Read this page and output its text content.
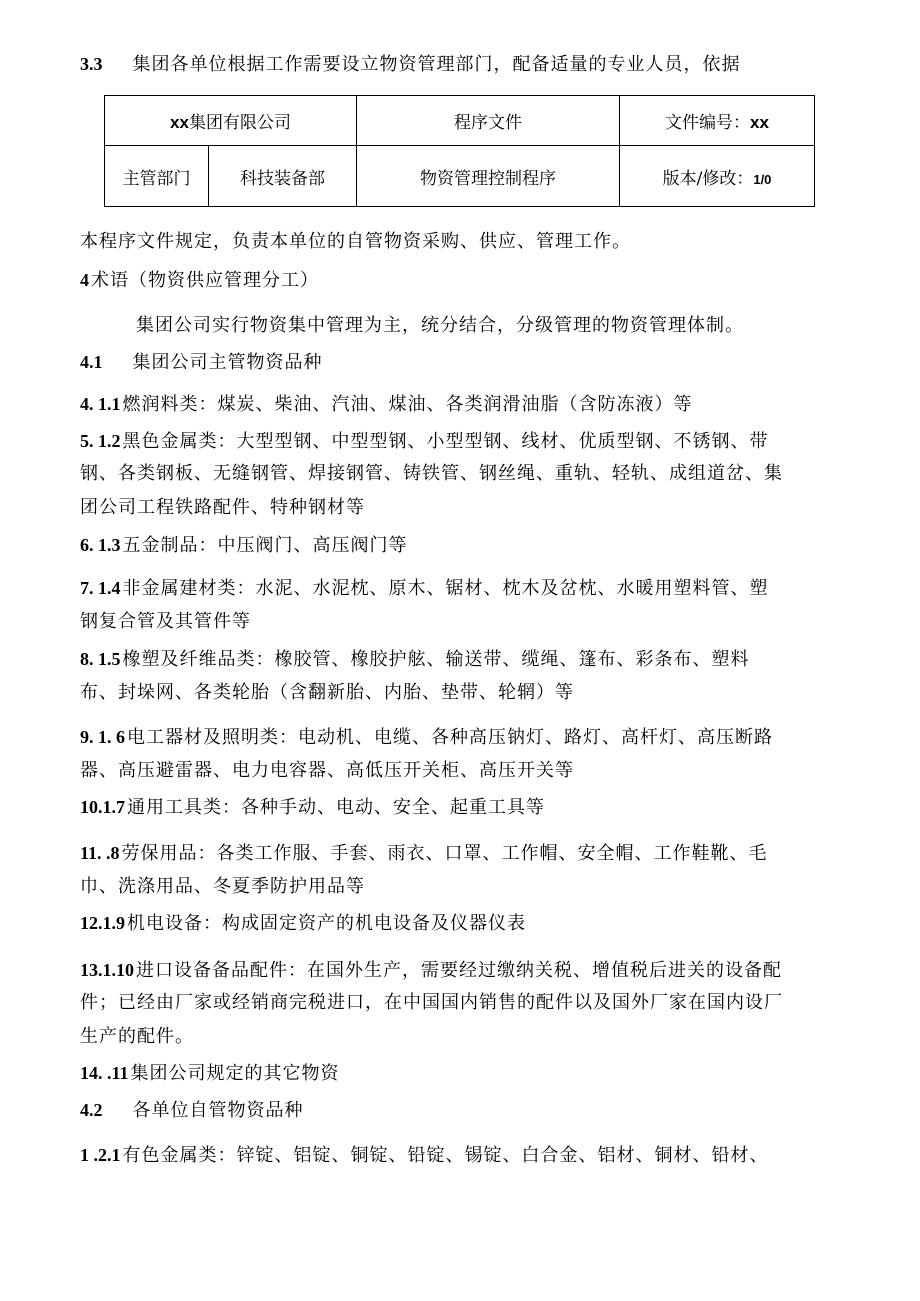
3.3 集团各单位根据工作需要设立物资管理部门，配备适量的专业人员，依据
xx集团有限公司		程序文件	文件编号：xx
主管部门	科技装备部	物资管理控制程序	版本/修改：1/0
本程序文件规定，负责本单位的自管物资采购、供应、管理工作。
4 术语（物资供应管理分工）
集团公司实行物资集中管理为主，统分结合，分级管理的物资管理体制。
4.1 集团公司主管物资品种
4. 1.1 燃润料类：煤炭、柴油、汽油、煤油、各类润滑油脂（含防冻液）等
5. 1.2 黑色金属类：大型型钢、中型型钢、小型型钢、线材、优质型钢、不锈钢、带
钢、各类钢板、无缝钢管、焊接钢管、铸铁管、钢丝绳、重轨、轻轨、成组道岔、集
团公司工程铁路配件、特种钢材等
6. 1.3 五金制品：中压阀门、高压阀门等
7. 1.4 非金属建材类：水泥、水泥枕、原木、锯材、枕木及岔枕、水暖用塑料管、塑
钢复合管及其管件等
8. 1.5 橡塑及纤维品类：橡胶管、橡胶护舷、输送带、缆绳、篷布、彩条布、塑料
布、封垛网、各类轮胎（含翻新胎、内胎、垫带、轮辋）等
9. 1. 6 电工器材及照明类：电动机、电缆、各种高压钠灯、路灯、高杆灯、高压断路
器、高压避雷器、电力电容器、高低压开关柜、高压开关等
10.1.7 通用工具类：各种手动、电动、安全、起重工具等
11. .8 劳保用品：各类工作服、手套、雨衣、口罩、工作帽、安全帽、工作鞋靴、毛
巾、洗涤用品、冬夏季防护用品等
12.1.9 机电设备：构成固定资产的机电设备及仪器仪表
13.1.10 进口设备备品配件：在国外生产，需要经过缴纳关税、增值税后进关的设备配
件；已经由厂家或经销商完税进口，在中国国内销售的配件以及国外厂家在国内设厂
生产的配件。
14. .11 集团公司规定的其它物资
4.2 各单位自管物资品种
1 .2.1 有色金属类：锌锭、铝锭、铜锭、铅锭、锡锭、白合金、铝材、铜材、铅材、
